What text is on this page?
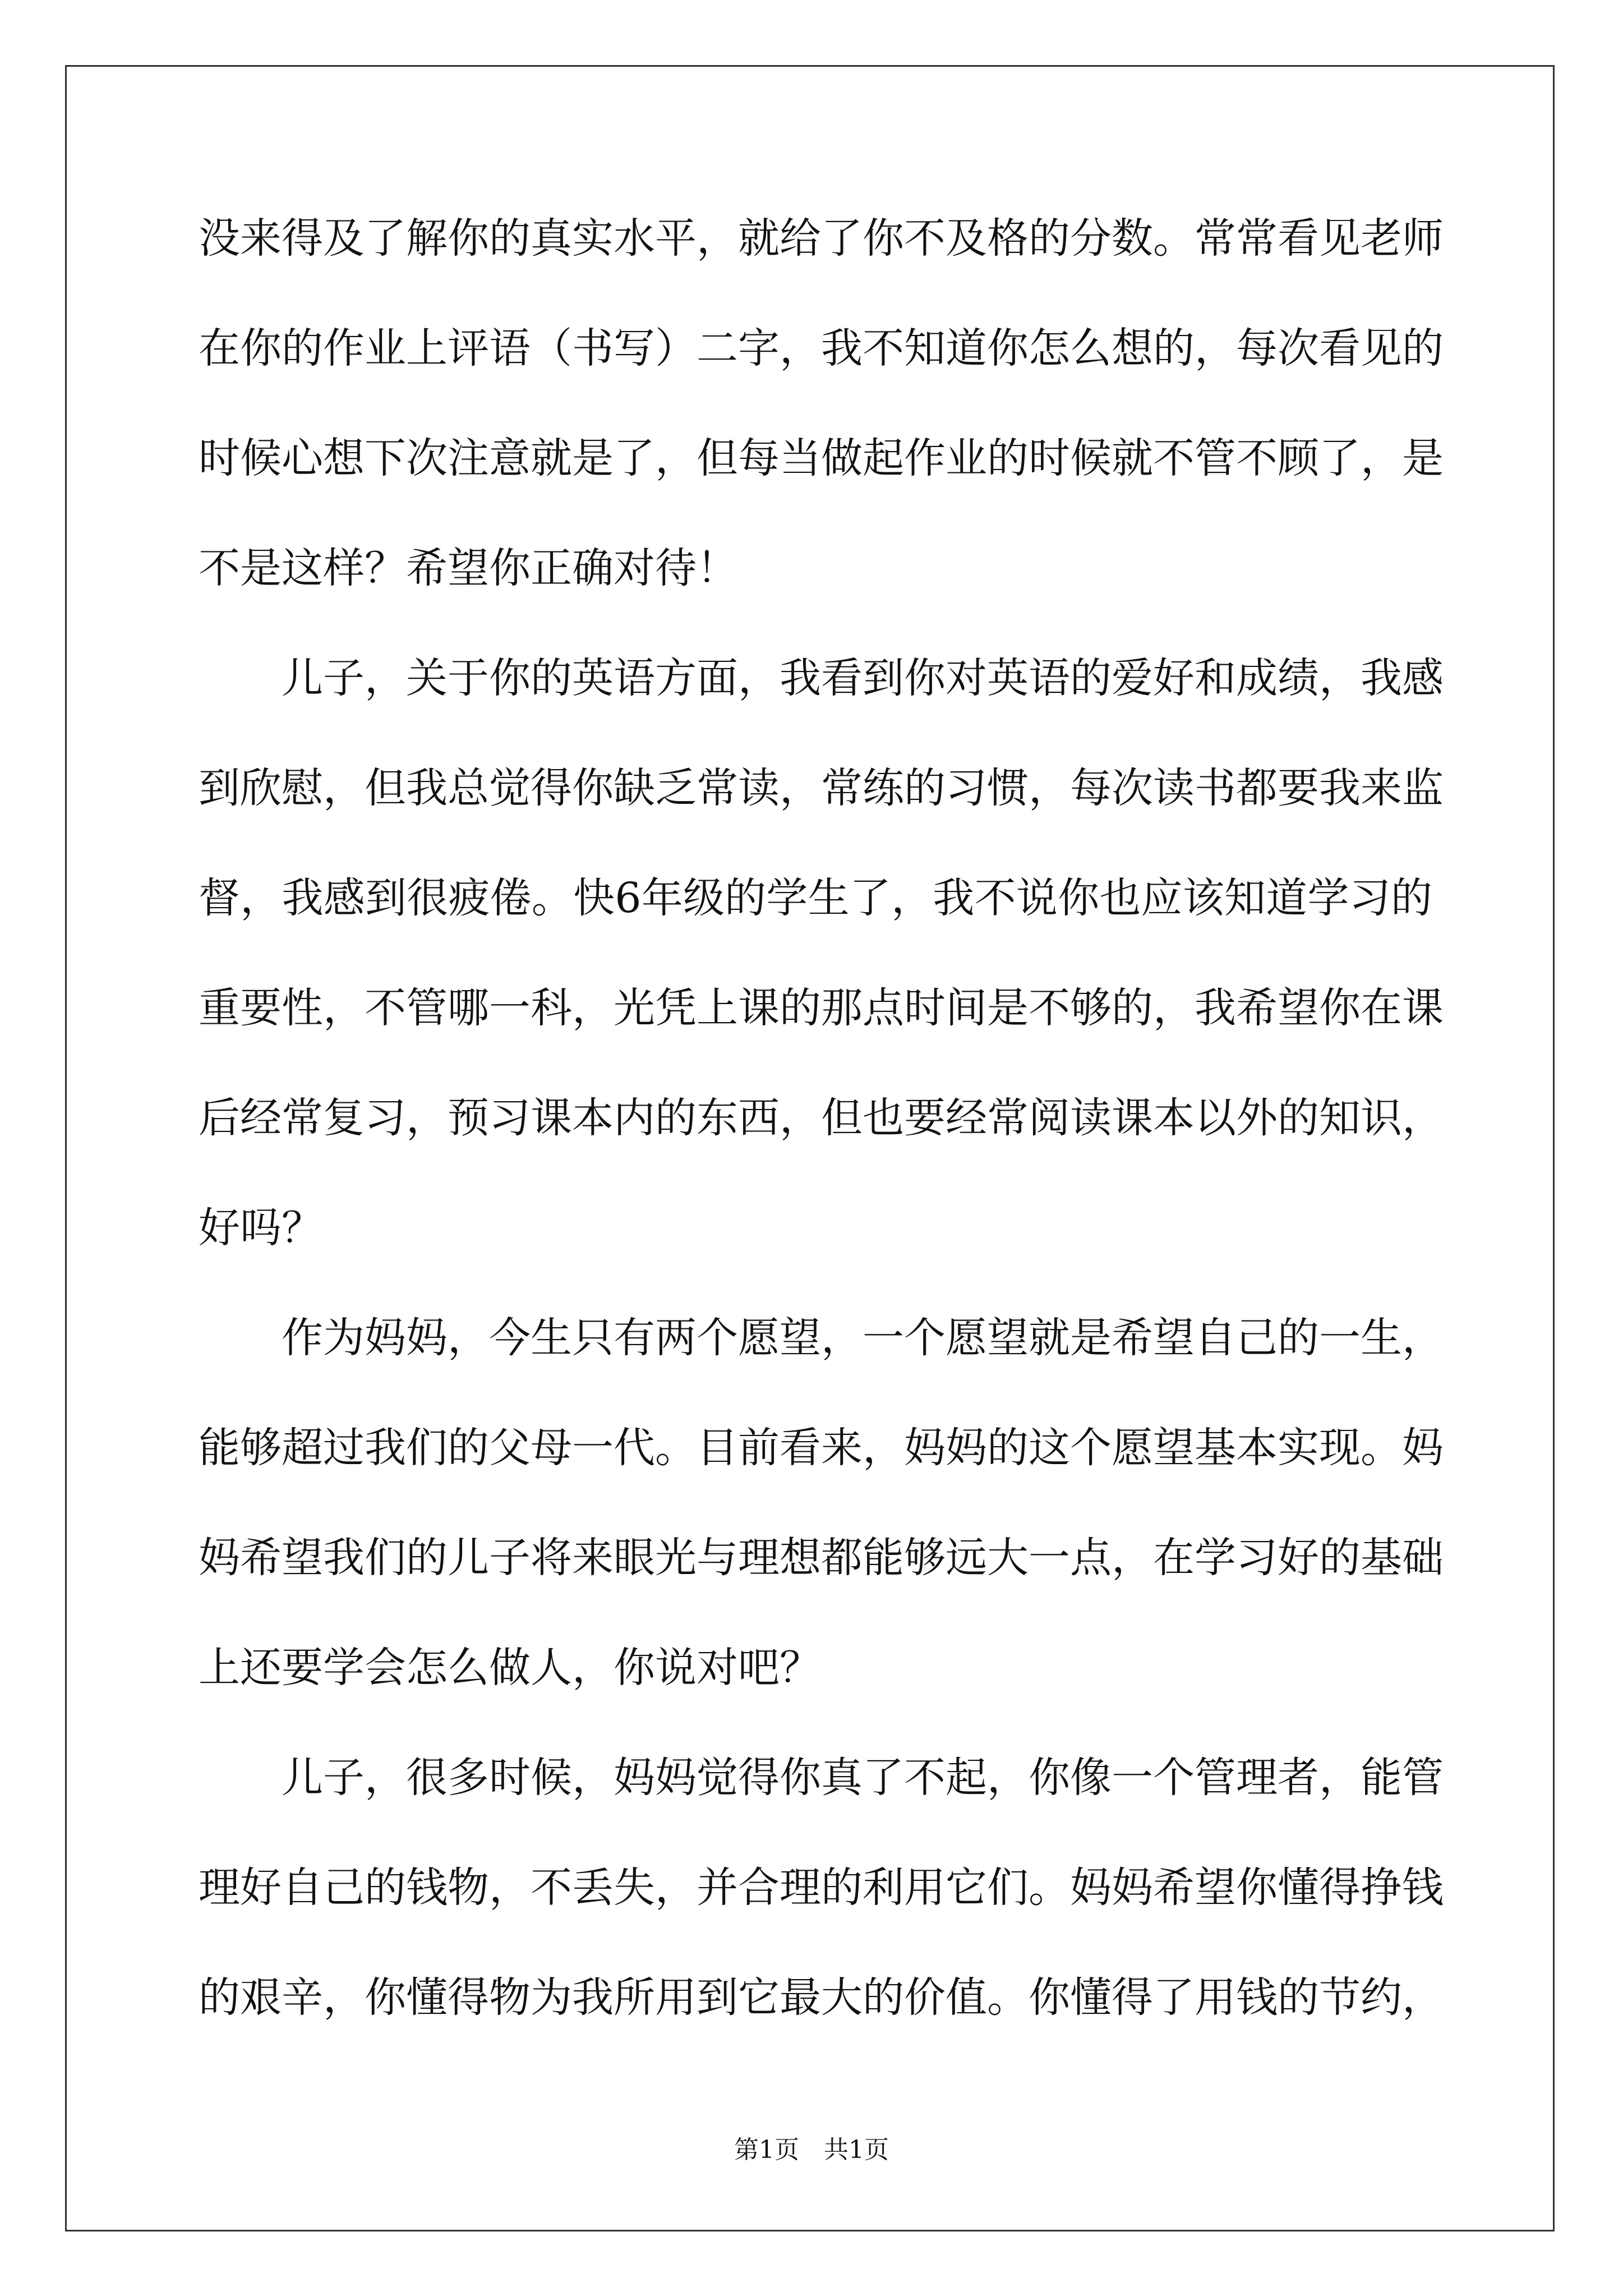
没来得及了解你的真实水平，就给了你不及格的分数。常常看见老师
在你的作业上评语（书写）二字，我不知道你怎么想的，每次看见的
时候心想下次注意就是了，但每当做起作业的时候就不管不顾了，是
不是这样？希望你正确对待！
儿子，关于你的英语方面，我看到你对英语的爱好和成绩，我感
到欣慰，但我总觉得你缺乏常读，常练的习惯，每次读书都要我来监
督，我感到很疲倦。快6年级的学生了，我不说你也应该知道学习的
重要性，不管哪一科，光凭上课的那点时间是不够的，我希望你在课
后经常复习，预习课本内的东西，但也要经常阅读课本以外的知识，
好吗？
作为妈妈，今生只有两个愿望，一个愿望就是希望自己的一生，
能够超过我们的父母一代。目前看来，妈妈的这个愿望基本实现。妈
妈希望我们的儿子将来眼光与理想都能够远大一点，在学习好的基础
上还要学会怎么做人，你说对吧？
儿子，很多时候，妈妈觉得你真了不起，你像一个管理者，能管
理好自己的钱物，不丢失，并合理的利用它们。妈妈希望你懂得挣钱
的艰辛，你懂得物为我所用到它最大的价值。你懂得了用钱的节约，
第1页　共1页
